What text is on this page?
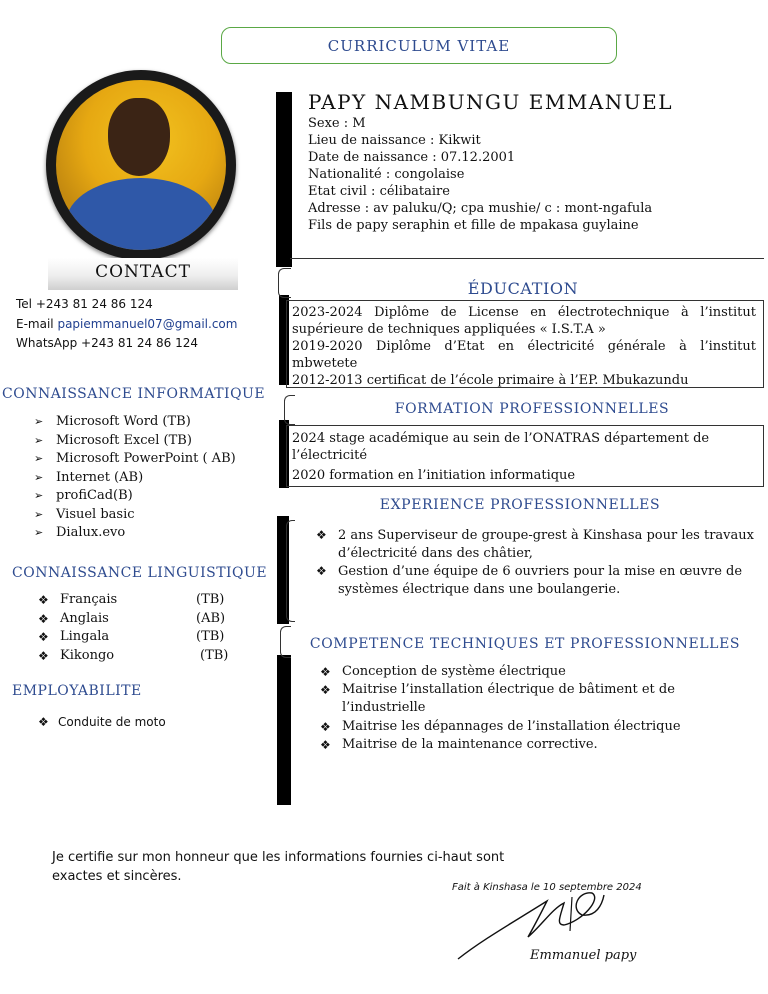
CURRICULUM VITAE
CONTACT
Tel +243 81 24 86 124
E-mail papiemmanuel07@gmail.com
WhatsApp +243 81 24 86 124
CONNAISSANCE INFORMATIQUE
➢ Microsoft Word (TB)
➢ Microsoft Excel (TB)
➢ Microsoft PowerPoint ( AB)
➢ Internet (AB)
➢ profiCad(B)
➢ Visuel basic
➢ Dialux.evo
CONNAISSANCE LINGUISTIQUE
❖ Français	(TB)
❖ Anglais	(AB)
❖ Lingala	(TB)
❖ Kikongo	(TB)
EMPLOYABILITE
❖ Conduite de moto
PAPY NAMBUNGU EMMANUEL
Sexe : M
Lieu de naissance : Kikwit
Date de naissance : 07.12.2001
Nationalité : congolaise
Etat civil : célibataire
Adresse : av paluku/Q; cpa mushie/ c : mont-ngafula
Fils de papy seraphin et fille de mpakasa guylaine
ÉDUCATION
2023-2024 Diplôme de License en électrotechnique à l’institut supérieure de techniques appliquées « I.S.T.A »
2019-2020 Diplôme d’Etat en électricité générale à l’institut mbwetete
2012-2013 certificat de l’école primaire à l’EP. Mbukazundu
FORMATION PROFESSIONNELLES
2024 stage académique au sein de l’ONATRAS département de l’électricité
2020 formation en l’initiation informatique
EXPERIENCE PROFESSIONNELLES
❖ 2 ans Superviseur de groupe-grest à Kinshasa pour les travaux d’électricité dans des châtier,
❖ Gestion d’une équipe de 6 ouvriers pour la mise en œuvre de systèmes électrique dans une boulangerie.
COMPETENCE TECHNIQUES ET PROFESSIONNELLES
❖ Conception de système électrique
❖ Maitrise l’installation électrique de bâtiment et de l’industrielle
❖ Maitrise les dépannages de l’installation électrique
❖ Maitrise de la maintenance corrective.
Je certifie sur mon honneur que les informations fournies ci-haut sont exactes et sincères.
Fait à Kinshasa le 10 septembre 2024
Emmanuel papy
